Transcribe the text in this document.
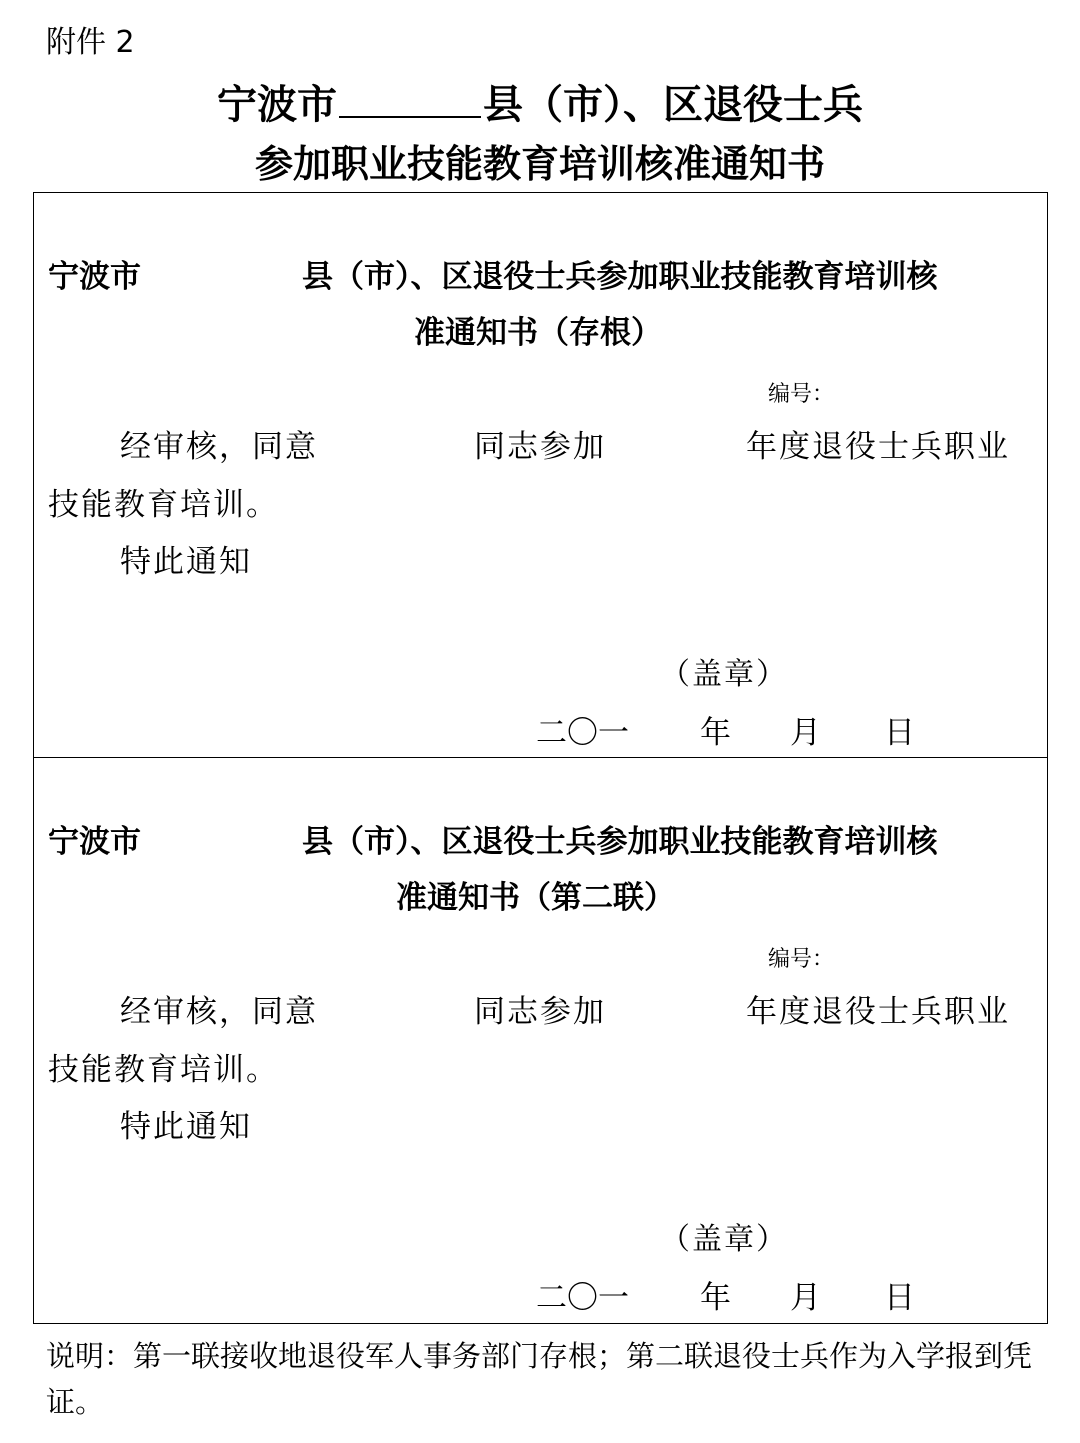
附件 2
宁波市	县（市）、区退役士兵
参加职业技能教育培训核准通知书
宁波市	县（市）、区退役士兵参加职业技能教育培训核
准通知书（存根）
编号：
经审核，同意	同志参加	年度退役士兵职业
技能教育培训。
特此通知
（盖章）
二〇一 年 月 日
宁波市	县（市）、区退役士兵参加职业技能教育培训核
准通知书（第二联）
编号：
经审核，同意	同志参加	年度退役士兵职业
技能教育培训。
特此通知
（盖章）
二〇一 年 月 日
说明：第一联接收地退役军人事务部门存根；第二联退役士兵作为入学报到凭证。
